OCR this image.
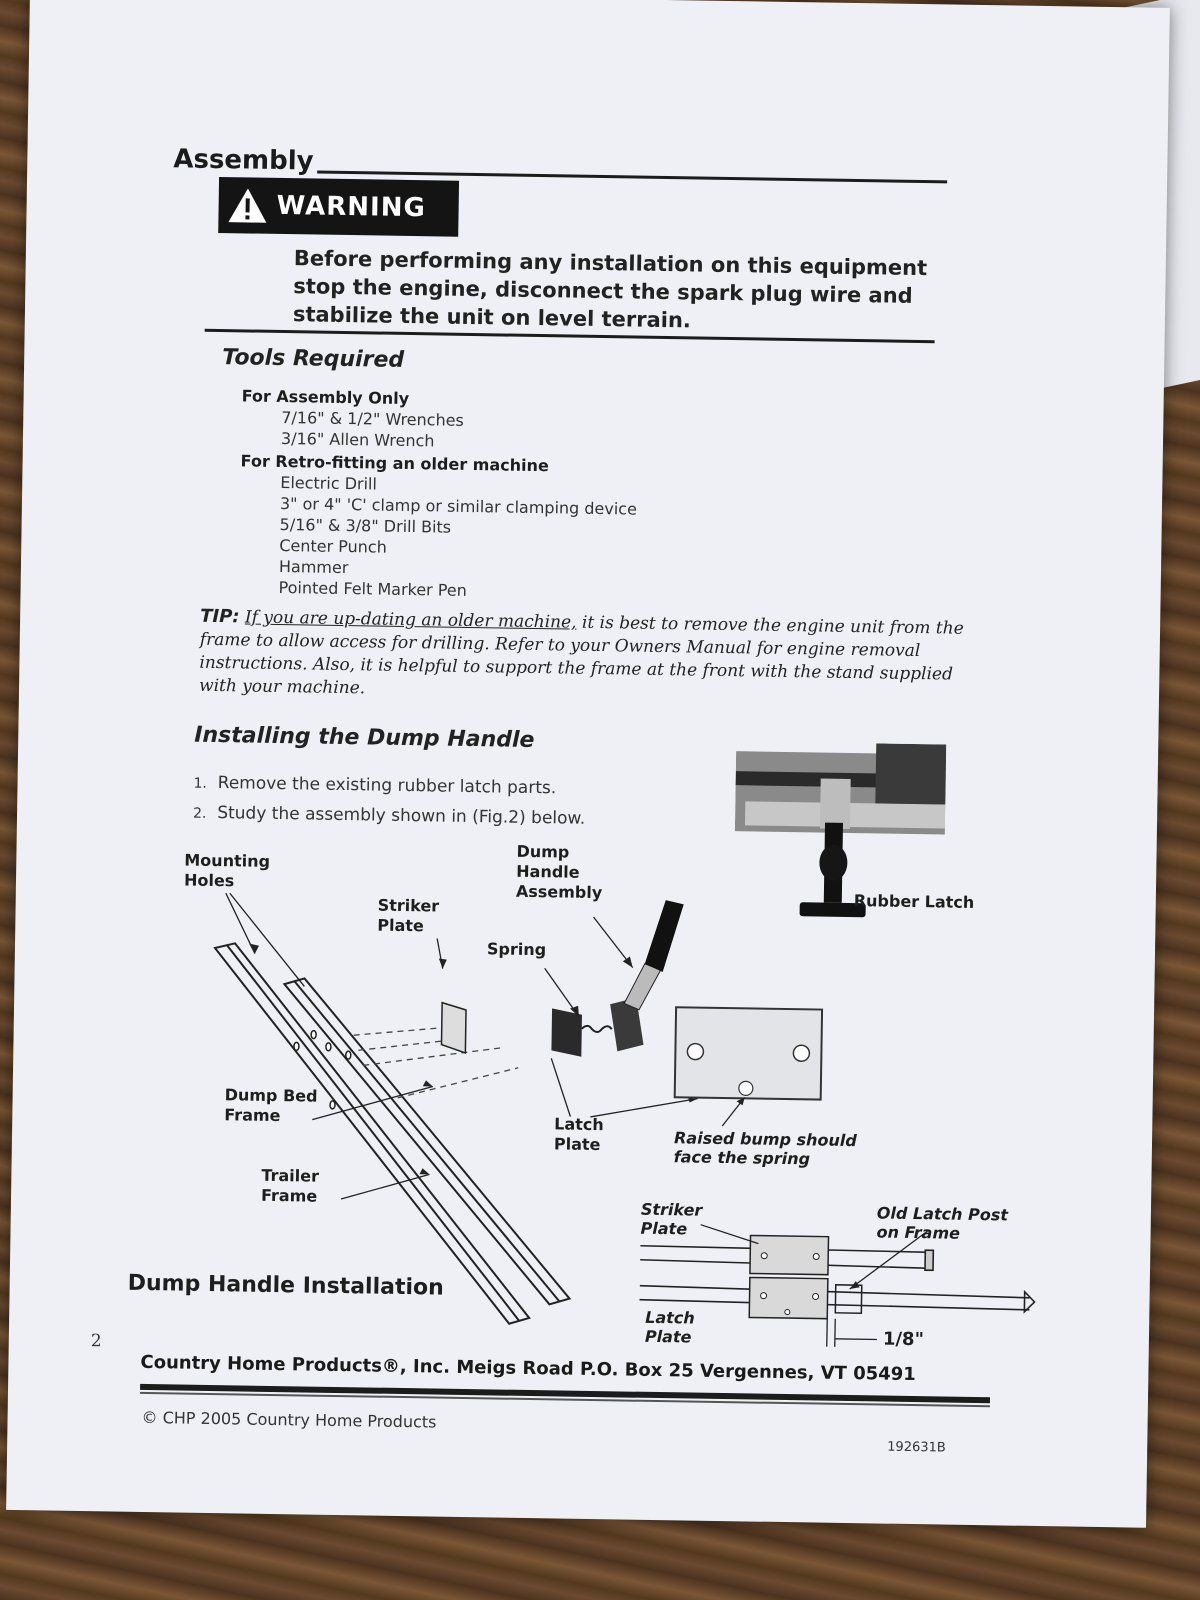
Assembly
WARNING
Before performing any installation on this equipment stop the engine, disconnect the spark plug wire and stabilize the unit on level terrain.
Tools Required
For Assembly Only
7/16" & 1/2" Wrenches
3/16" Allen Wrench
For Retro-fitting an older machine
Electric Drill
3" or 4" 'C' clamp or similar clamping device
5/16" & 3/8" Drill Bits
Center Punch
Hammer
Pointed Felt Marker Pen
TIP: If you are up-dating an older machine, it is best to remove the engine unit from the frame to allow access for drilling. Refer to your Owners Manual for engine removal instructions. Also, it is helpful to support the frame at the front with the stand supplied with your machine.
Installing the Dump Handle
1. Remove the existing rubber latch parts.
2. Study the assembly shown in (Fig.2) below.
Mounting Holes
Striker Plate
Spring
Dump Handle Assembly	Rubber Latch
Dump Bed Frame
Trailer Frame
Latch Plate	Raised bump should face the spring
Striker Plate
Old Latch Post on Frame
Latch Plate	1/8"
Dump Handle Installation
2
Country Home Products®, Inc. Meigs Road P.O. Box 25 Vergennes, VT 05491
© CHP 2005 Country Home Products
192631B
